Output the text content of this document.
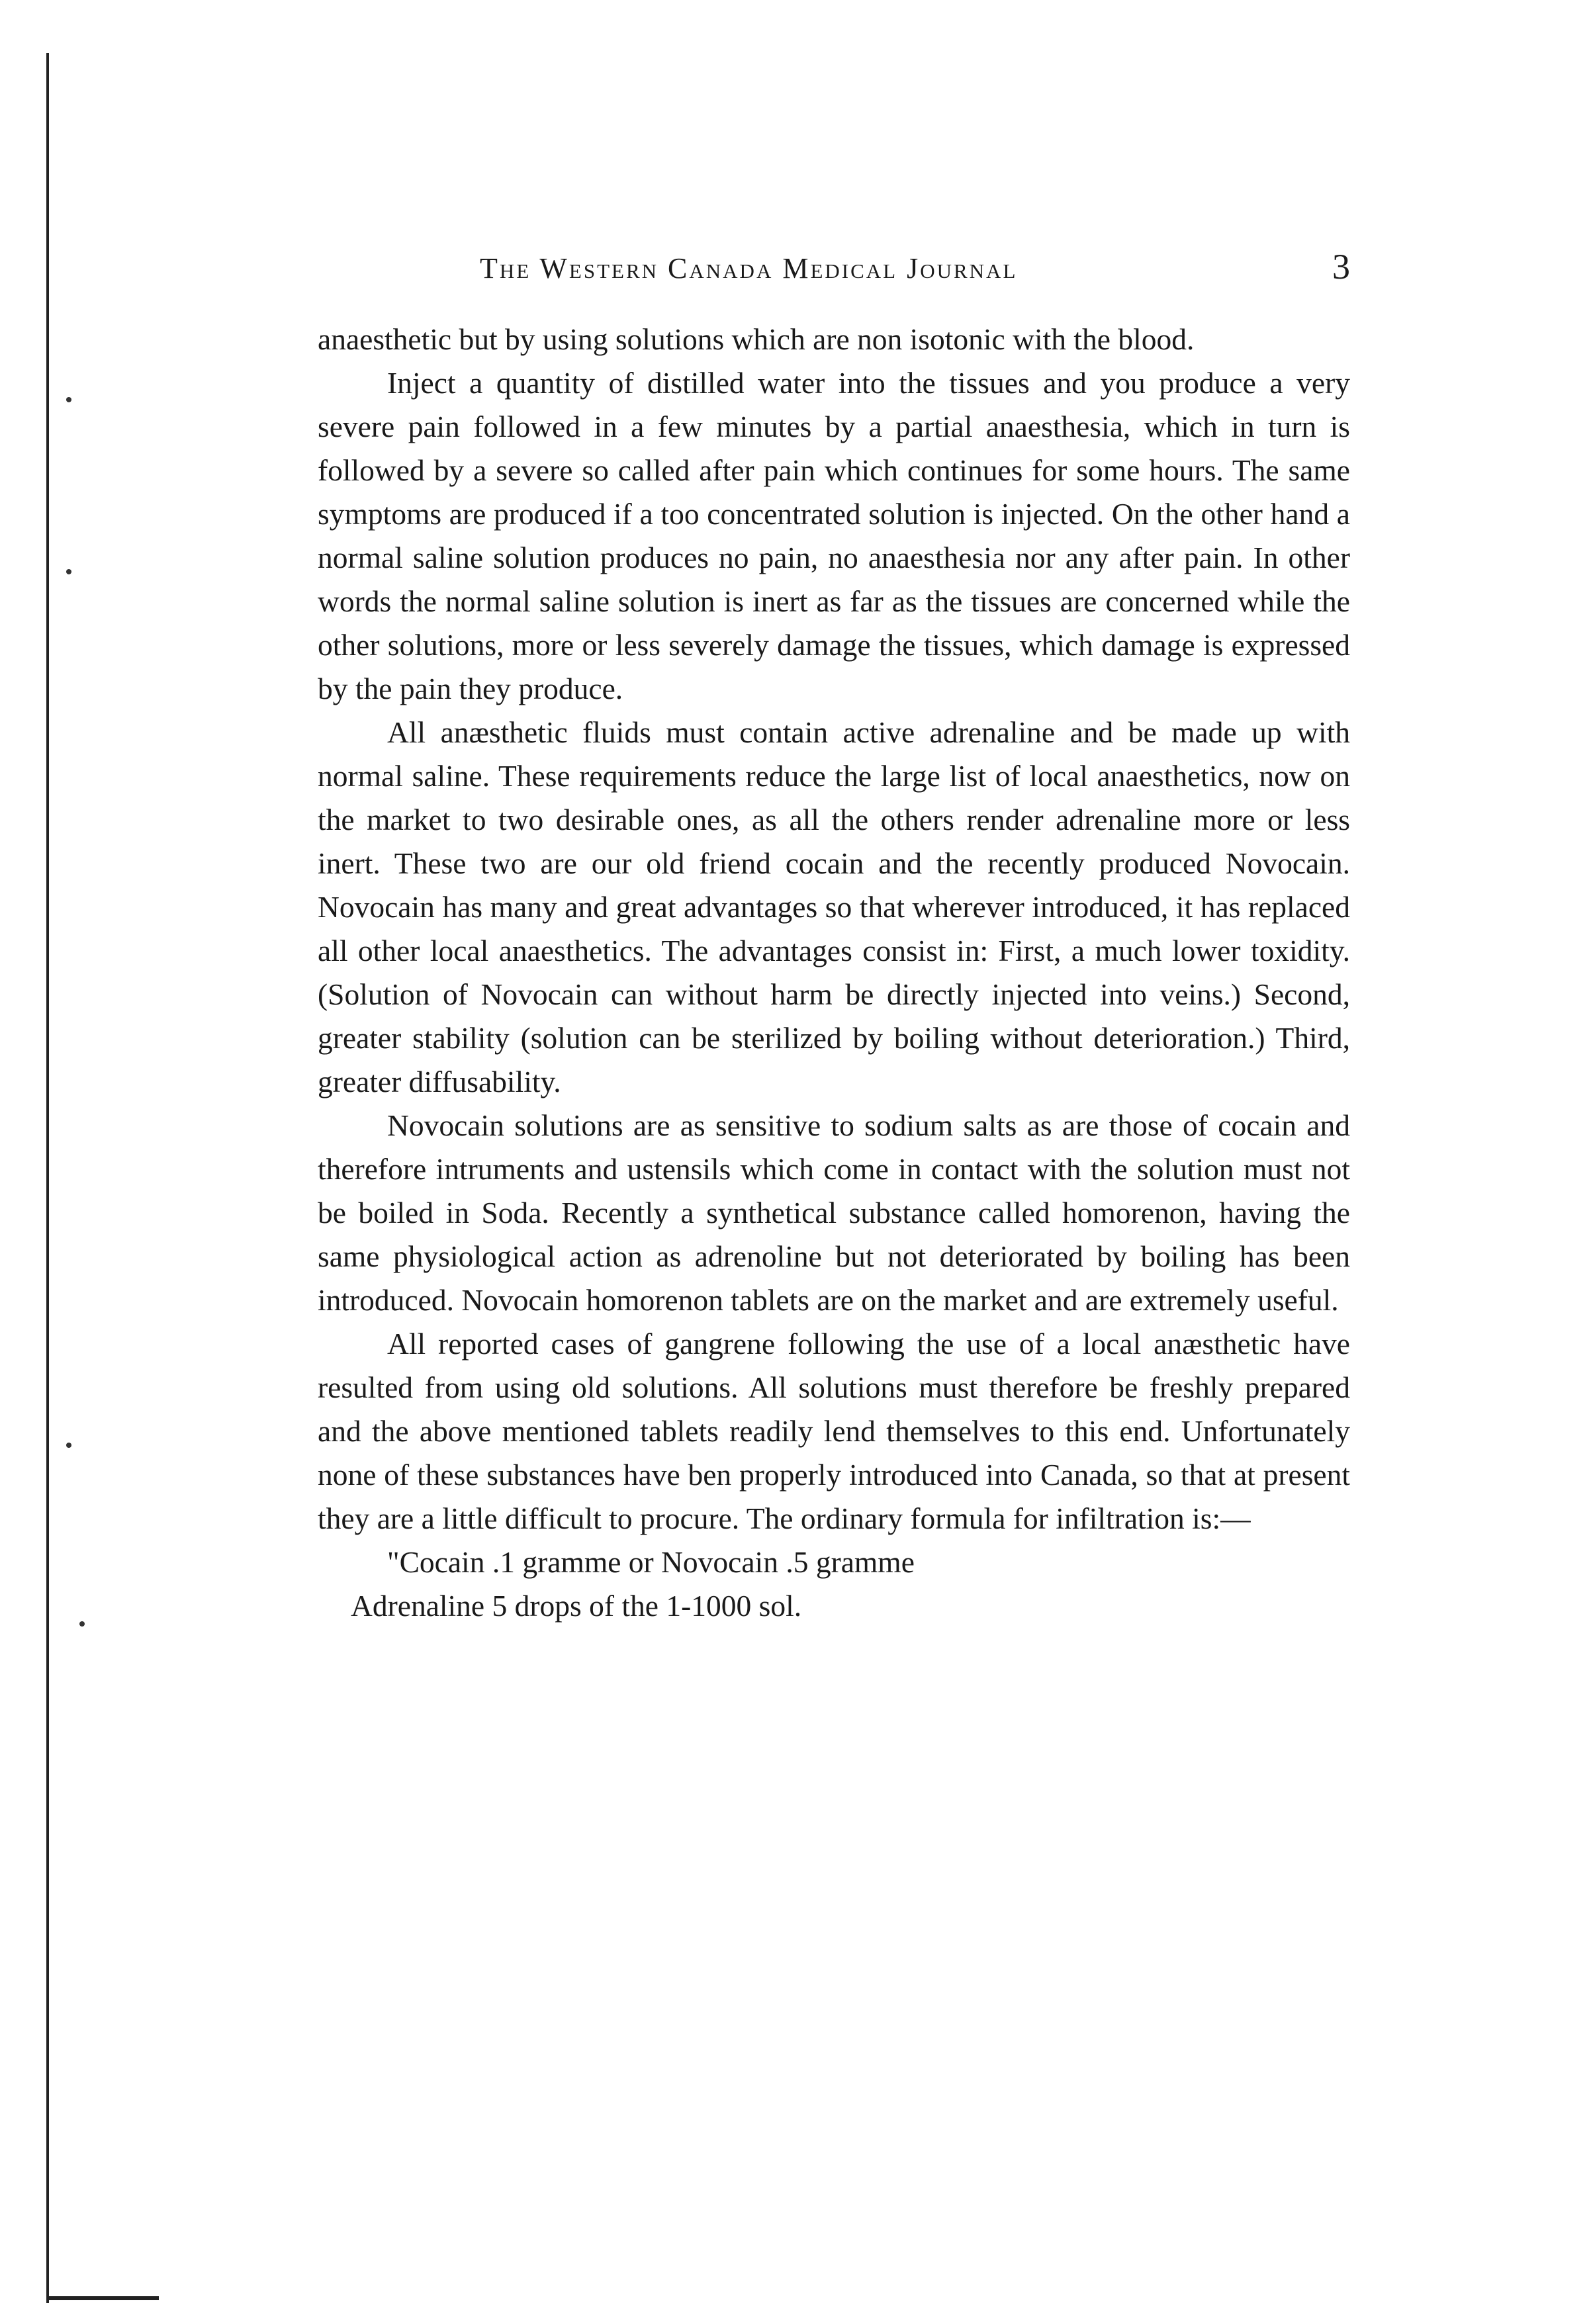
The Western Canada Medical Journal	3

anaesthetic but by using solutions which are non isotonic with the blood.

Inject a quantity of distilled water into the tissues and you produce a very severe pain followed in a few minutes by a partial anaesthesia, which in turn is followed by a severe so called after pain which continues for some hours. The same symptoms are produced if a too concentrated solution is injected. On the other hand a normal saline solution produces no pain, no anaesthesia nor any after pain. In other words the normal saline solution is inert as far as the tissues are concerned while the other solutions, more or less severely damage the tissues, which damage is expressed by the pain they produce.

All anæsthetic fluids must contain active adrenaline and be made up with normal saline. These requirements reduce the large list of local anaesthetics, now on the market to two desirable ones, as all the others render adrenaline more or less inert. These two are our old friend cocain and the recently produced Novocain. Novocain has many and great advantages so that wherever introduced, it has replaced all other local anaesthetics. The advantages consist in: First, a much lower toxidity. (Solution of Novocain can without harm be directly injected into veins.) Second, greater stability (solution can be sterilized by boiling without deterioration.) Third, greater diffusability.

Novocain solutions are as sensitive to sodium salts as are those of cocain and therefore intruments and ustensils which come in contact with the solution must not be boiled in Soda. Recently a synthetical substance called homorenon, having the same physiological action as adrenoline but not deteriorated by boiling has been introduced. Novocain homorenon tablets are on the market and are extremely useful.

All reported cases of gangrene following the use of a local anæsthetic have resulted from using old solutions. All solutions must therefore be freshly prepared and the above mentioned tablets readily lend themselves to this end. Unfortunately none of these substances have ben properly introduced into Canada, so that at present they are a little difficult to procure. The ordinary formula for infiltration is:—

"Cocain .1 gramme or Novocain .5 gramme
Adrenaline 5 drops of the 1-1000 sol.
